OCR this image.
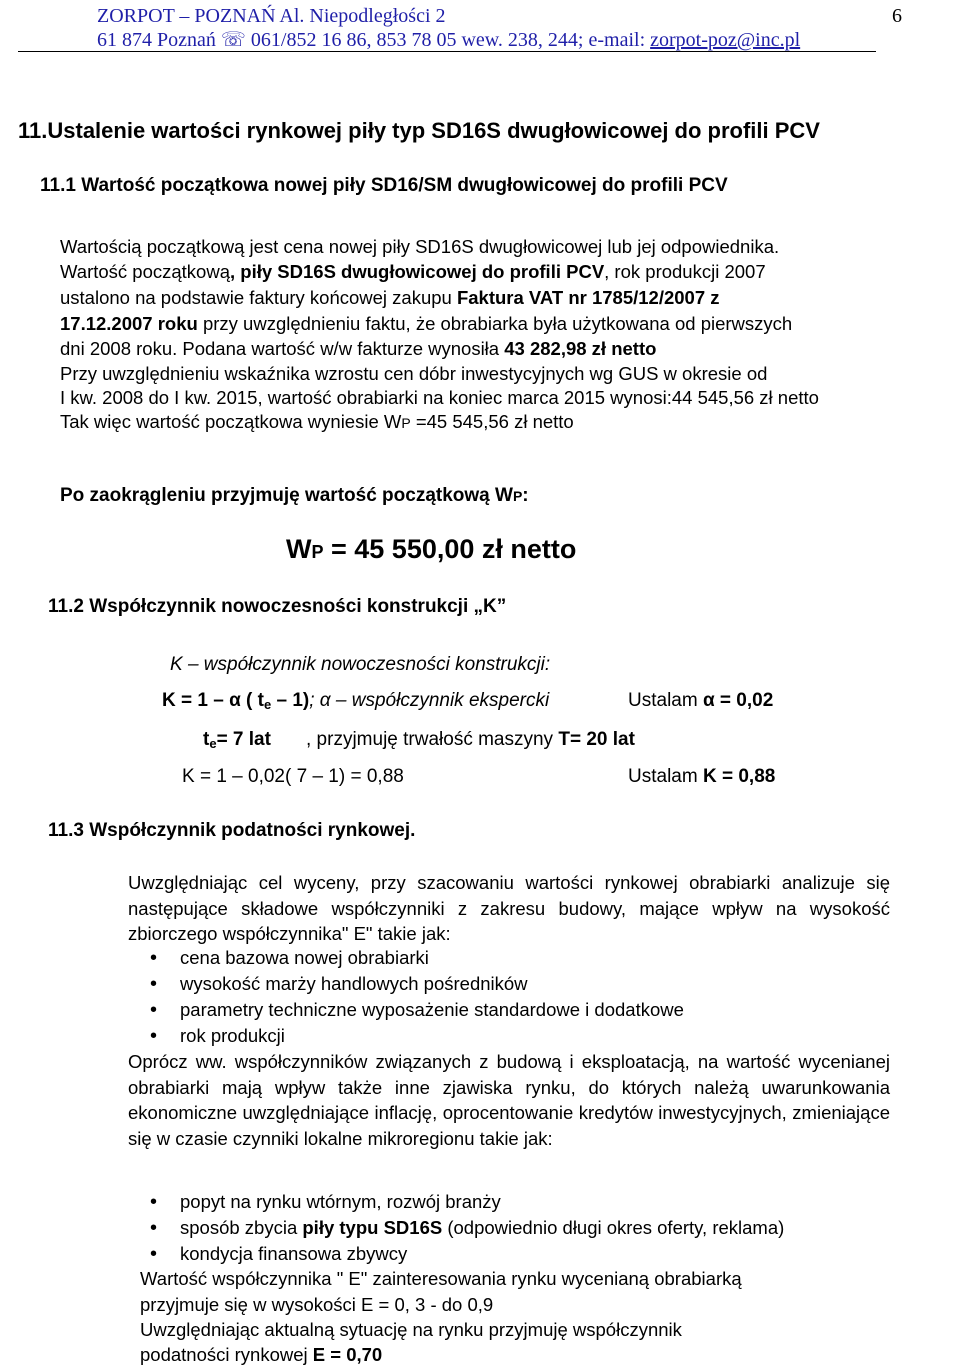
ZORPOT – POZNAŃ Al. Niepodległości 2	6
61 874 Poznań ☏ 061/852 16 86, 853 78 05 wew. 238, 244; e-mail: zorpot-poz@inc.pl
11.Ustalenie wartości rynkowej piły typ SD16S dwugłowicowej do profili PCV
11.1 Wartość początkowa nowej piły SD16/SM dwugłowicowej do profili PCV
Wartością początkową jest cena nowej piły SD16S dwugłowicowej lub jej odpowiednika.
Wartość początkową, piły SD16S dwugłowicowej do profili PCV, rok produkcji 2007
ustalono na podstawie faktury końcowej zakupu Faktura VAT nr 1785/12/2007 z
17.12.2007 roku przy uwzględnieniu faktu, że obrabiarka była użytkowana od pierwszych
dni 2008 roku. Podana wartość w/w fakturze wynosiła 43 282,98 zł netto
Przy uwzględnieniu wskaźnika wzrostu cen dóbr inwestycyjnych wg GUS w okresie od
I kw. 2008 do I kw. 2015, wartość obrabiarki na koniec marca 2015 wynosi:44 545,56 zł netto
Tak więc wartość początkowa wyniesie WP =45 545,56 zł netto
Po zaokrągleniu przyjmuję wartość początkową WP:
WP = 45 550,00 zł netto
11.2 Współczynnik nowoczesności konstrukcji „K”
K – współczynnik nowoczesności konstrukcji:
K = 1 – α ( $t_e - 1$); α – współczynnik ekspercki	Ustalam α = 0,02
$t_e= 7$ lat , przyjmuję trwałość maszyny T= 20 lat
K = 1 – 0,02( 7 – 1) = 0,88	Ustalam K = 0,88
11.3 Współczynnik podatności rynkowej.
Uwzględniając cel wyceny, przy szacowaniu wartości rynkowej obrabiarki analizuje się następujące składowe współczynniki z zakresu budowy, mające wpływ na wysokość zbiorczego współczynnika" E" takie jak:
• cena bazowa nowej obrabiarki
• wysokość marży handlowych pośredników
• parametry techniczne wyposażenie standardowe i dodatkowe
• rok produkcji
Oprócz ww. współczynników związanych z budową i eksploatacją, na wartość wycenianej obrabiarki mają wpływ także inne zjawiska rynku, do których należą uwarunkowania ekonomiczne uwzględniające inflację, oprocentowanie kredytów inwestycyjnych, zmieniające się w czasie czynniki lokalne mikroregionu takie jak:
• popyt na rynku wtórnym, rozwój branży
• sposób zbycia piły typu SD16S (odpowiednio długi okres oferty, reklama)
• kondycja finansowa zbywcy
Wartość współczynnika " E" zainteresowania rynku wycenianą obrabiarką
przyjmuje się w wysokości E = 0, 3 - do 0,9
Uwzględniając aktualną sytuację na rynku przyjmuję współczynnik
podatności rynkowej E = 0,70
